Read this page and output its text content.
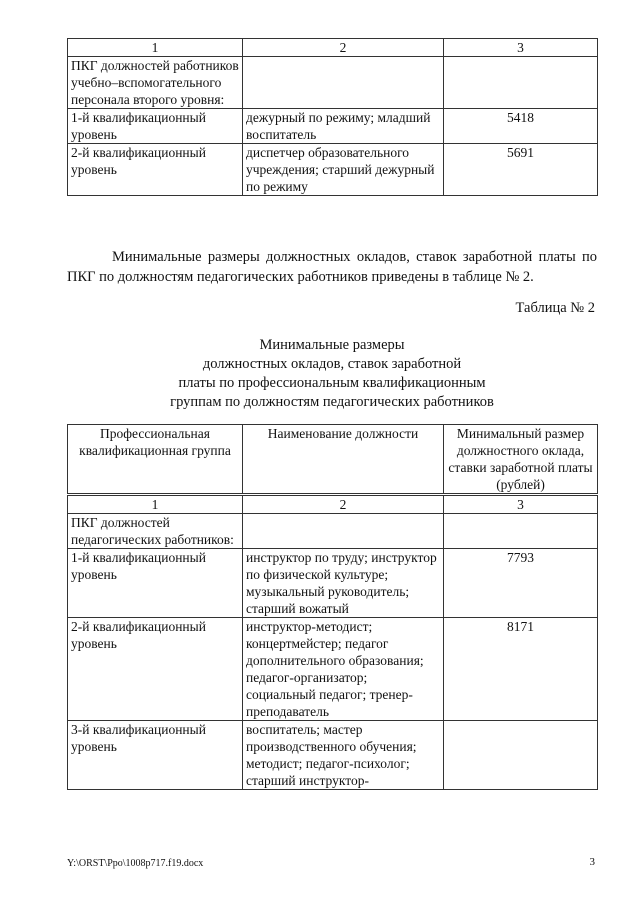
1	2	3
ПКГ должностей работников учебно–вспомогательного персонала второго уровня:		
1-й квалификационный уровень	дежурный по режиму; младший воспитатель	5418
2-й квалификационный уровень	диспетчер образовательного учреждения; старший дежурный по режиму	5691
Минимальные размеры должностных окладов, ставок заработной платы по ПКГ по должностям педагогических работников приведены в таблице № 2.
Таблица № 2
Минимальные размеры
должностных окладов, ставок заработной
платы по профессиональным квалификационным
группам по должностям педагогических работников
Профессиональная квалификационная группа	Наименование должности	Минимальный размер должностного оклада, ставки заработной платы (рублей)
1	2	3
ПКГ должностей педагогических работников:		
1-й квалификационный уровень	инструктор по труду; инструктор по физической культуре; музыкальный руководитель; старший вожатый	7793
2-й квалификационный уровень	инструктор-методист; концертмейстер; педагог дополнительного образования; педагог-организатор; социальный педагог; тренер-преподаватель	8171
3-й квалификационный уровень	воспитатель; мастер производственного обучения; методист; педагог-психолог; старший инструктор-	
Y:\ORST\Ppo\1008p717.f19.docx	3
